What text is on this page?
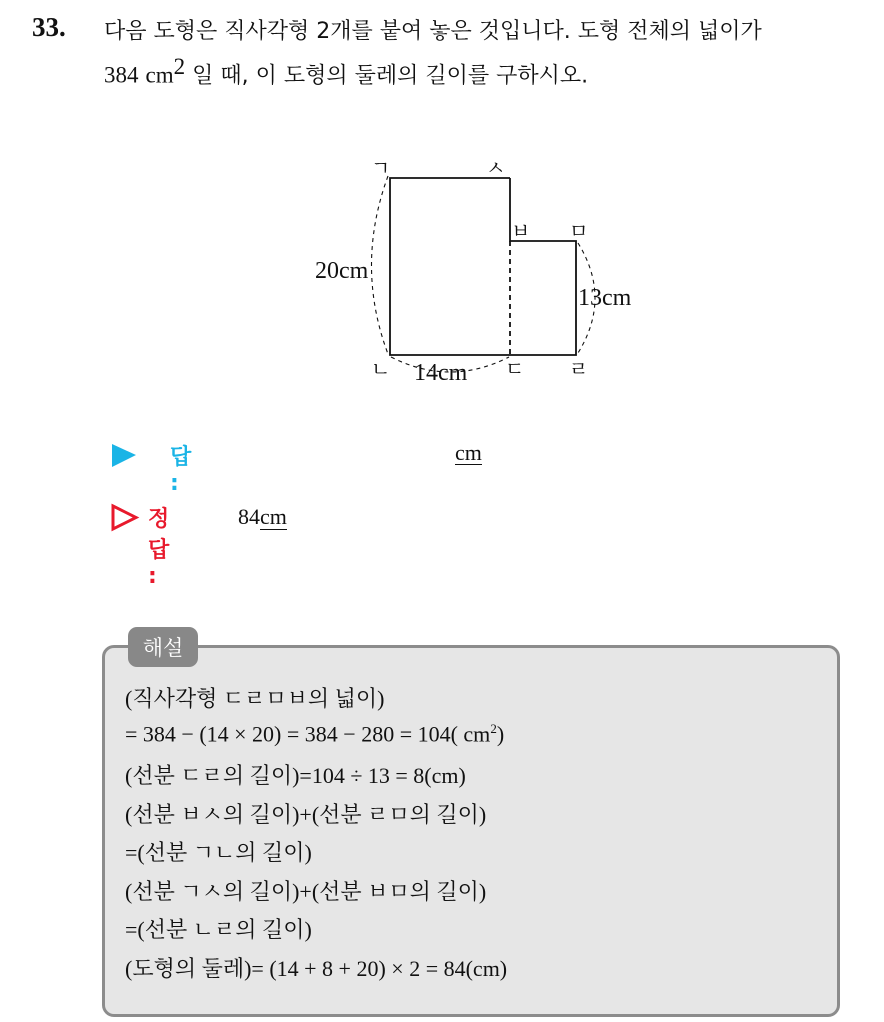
33. 다음 도형은 직사각형 2개를 붙여 놓은 것입니다. 도형 전체의 넓이가
384 $cm^2$ 일 때, 이 도형의 둘레의 길이를 구하시오.
ㄱ
ㄴ	ㄷ ㄹ
ㅁ
ㅂ
ㅅ
20cm
14cm
13cm
답 :
cm
정답 :
84cm
해설
(직사각형 ㄷㄹㅁㅂ의 넓이)
= 384 − (14 × 20) = 384 − 280 = 104( $cm^2$)
(선분 ㄷㄹ의 길이)=104 ÷ 13 = 8(cm)
(선분 ㅂㅅ의 길이)+(선분 ㄹㅁ의 길이)
=(선분 ㄱㄴ의 길이)
(선분 ㄱㅅ의 길이)+(선분 ㅂㅁ의 길이)
=(선분 ㄴㄹ의 길이)
(도형의 둘레)= (14 + 8 + 20) × 2 = 84(cm)
